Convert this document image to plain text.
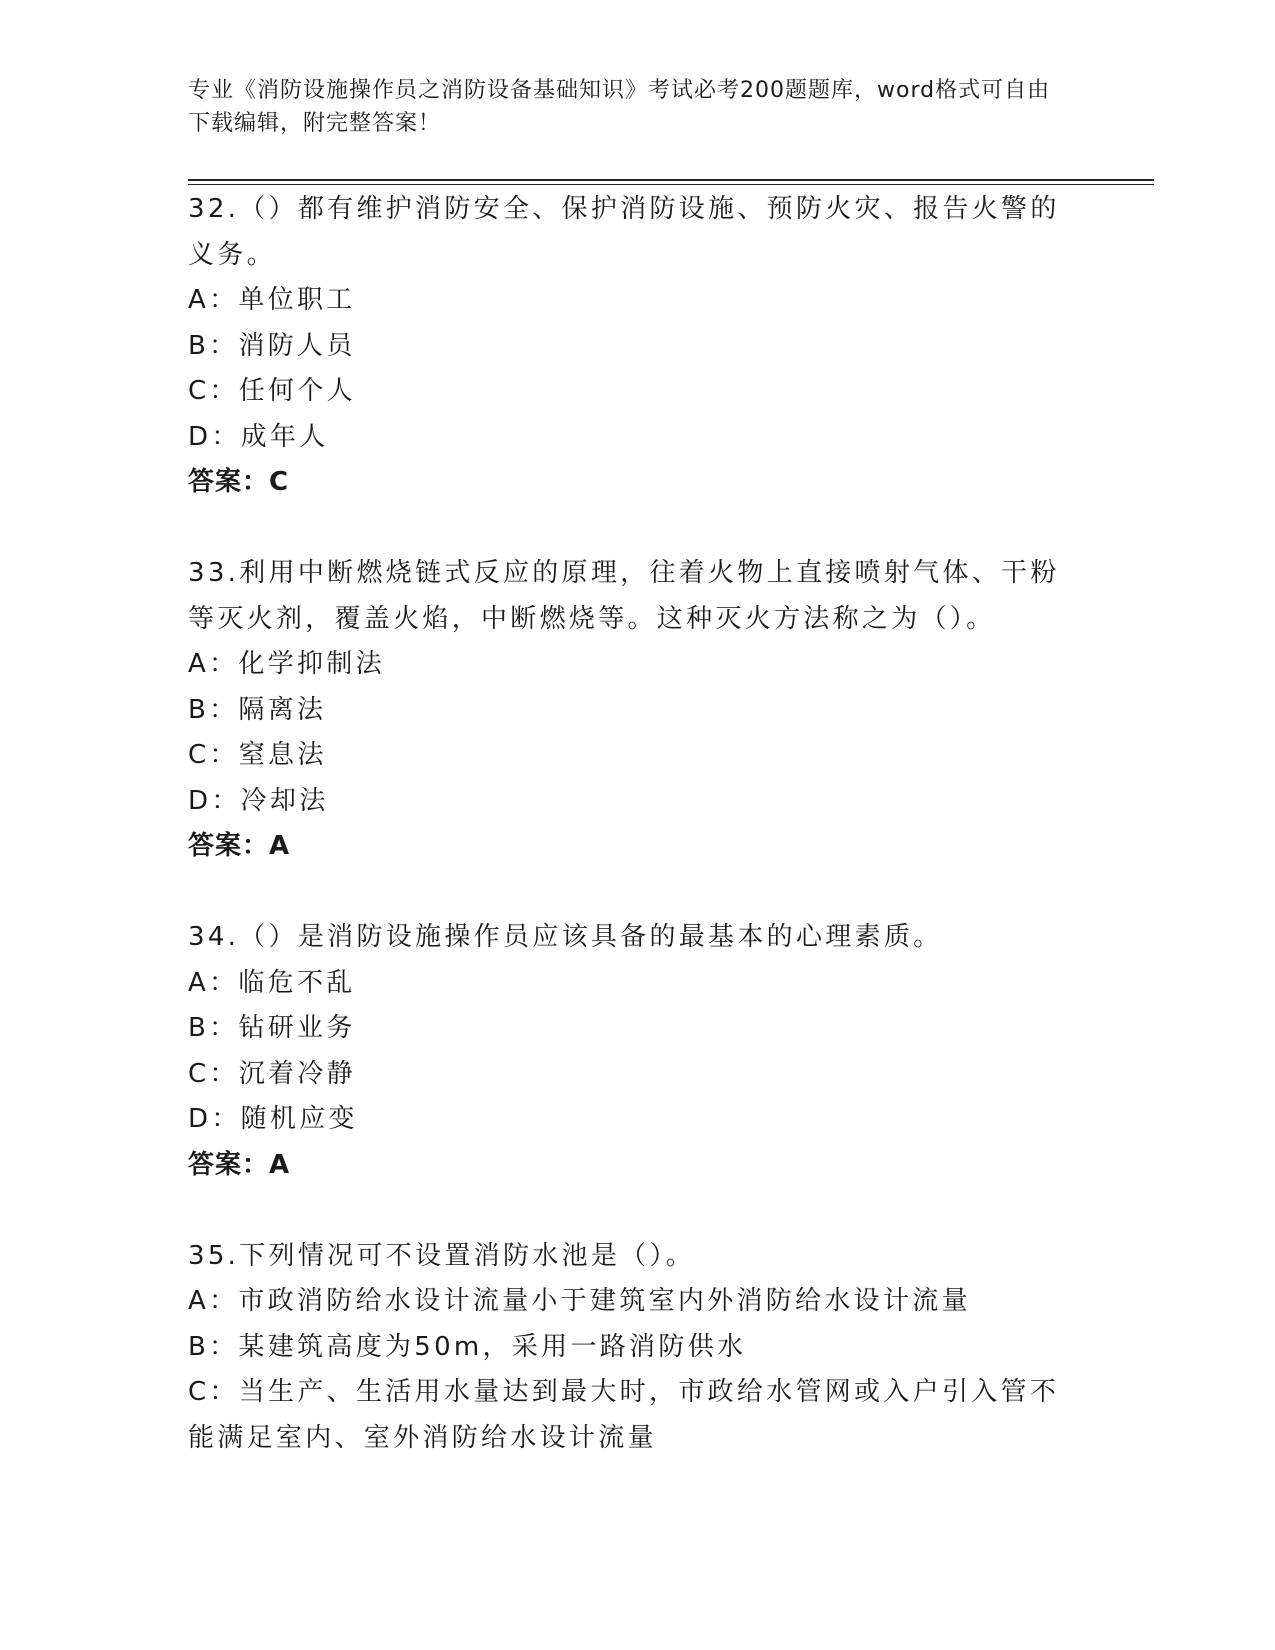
专业《消防设施操作员之消防设备基础知识》考试必考200题题库，word格式可自由下载编辑，附完整答案！
32.（）都有维护消防安全、保护消防设施、预防火灾、报告火警的义务。
A：单位职工
B：消防人员
C：任何个人
D：成年人
答案：C
33.利用中断燃烧链式反应的原理，往着火物上直接喷射气体、干粉等灭火剂，覆盖火焰，中断燃烧等。这种灭火方法称之为（）。
A：化学抑制法
B：隔离法
C：窒息法
D：冷却法
答案：A
34.（）是消防设施操作员应该具备的最基本的心理素质。
A：临危不乱
B：钻研业务
C：沉着冷静
D：随机应变
答案：A
35.下列情况可不设置消防水池是（）。
A：市政消防给水设计流量小于建筑室内外消防给水设计流量
B：某建筑高度为50m，采用一路消防供水
C：当生产、生活用水量达到最大时，市政给水管网或入户引入管不能满足室内、室外消防给水设计流量
